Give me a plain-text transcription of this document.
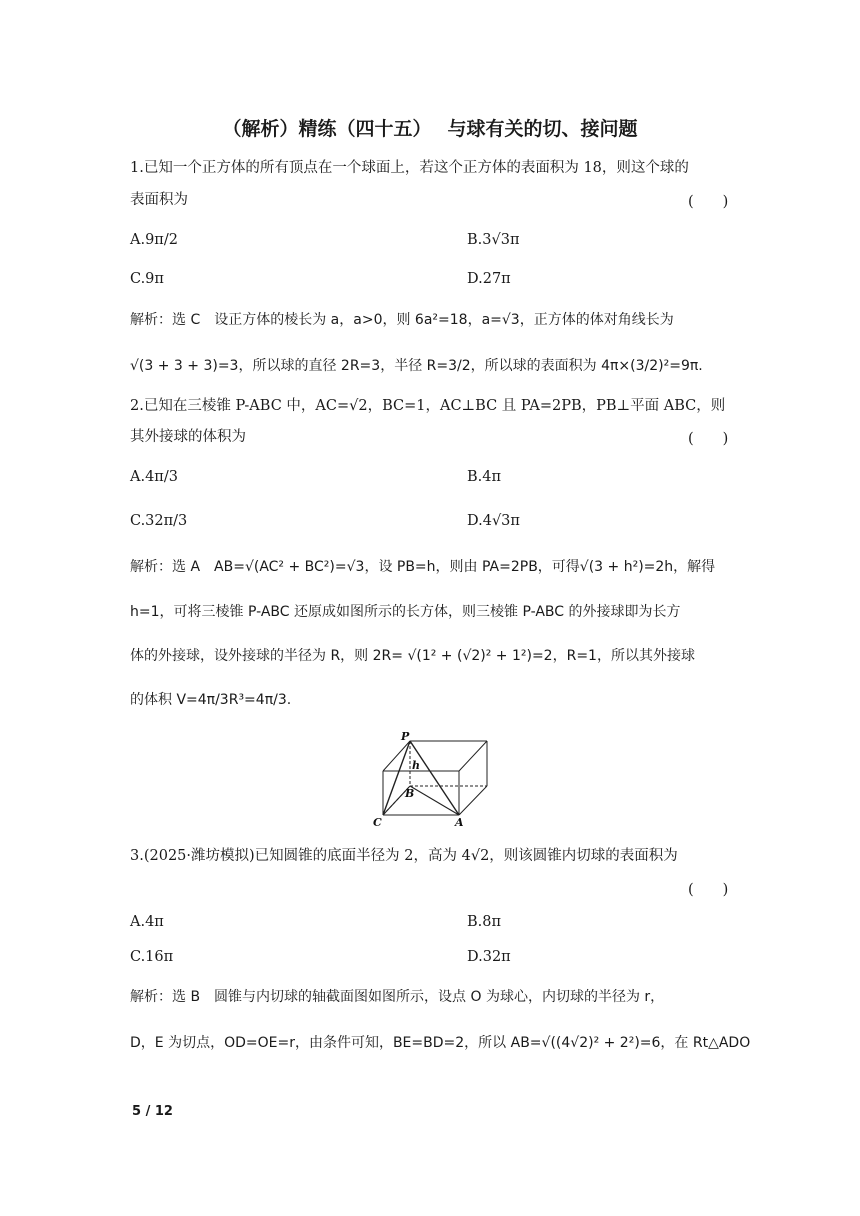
（解析）精练（四十五）　 与球有关的切、接问题
1.已知一个正方体的所有顶点在一个球面上，若这个正方体的表面积为 18，则这个球的
表面积为	(　　)
A.9π/2	B.3√3π
C.9π	D.27π
解析：选 C　设正方体的棱长为 a，a>0，则 6a²=18，a=√3，正方体的体对角线长为
√(3 + 3 + 3)=3，所以球的直径 2R=3，半径 R=3/2，所以球的表面积为 4π×(3/2)²=9π.
2.已知在三棱锥 P-ABC 中，AC=√2，BC=1，AC⊥BC 且 PA=2PB，PB⊥平面 ABC，则
其外接球的体积为	(　　)
A.4π/3	B.4π
C.32π/3	D.4√3π
解析：选 A　AB=√(AC² + BC²)=√3，设 PB=h，则由 PA=2PB，可得√(3 + h²)=2h，解得
h=1，可将三棱锥 P-ABC 还原成如图所示的长方体，则三棱锥 P-ABC 的外接球即为长方
体的外接球，设外接球的半径为 R，则 2R= √(1² + (√2)² + 1²)=2，R=1，所以其外接球
的体积 V=4π/3R³=4π/3.
P
h
B
C	A
3.(2025·潍坊模拟)已知圆锥的底面半径为 2，高为 4√2，则该圆锥内切球的表面积为
(　　)
A.4π	B.8π
C.16π	D.32π
解析：选 B　圆锥与内切球的轴截面图如图所示，设点 O 为球心，内切球的半径为 r，
D，E 为切点，OD=OE=r，由条件可知，BE=BD=2，所以 AB=√((4√2)² + 2²)=6，在 Rt△ADO
5 / 12
